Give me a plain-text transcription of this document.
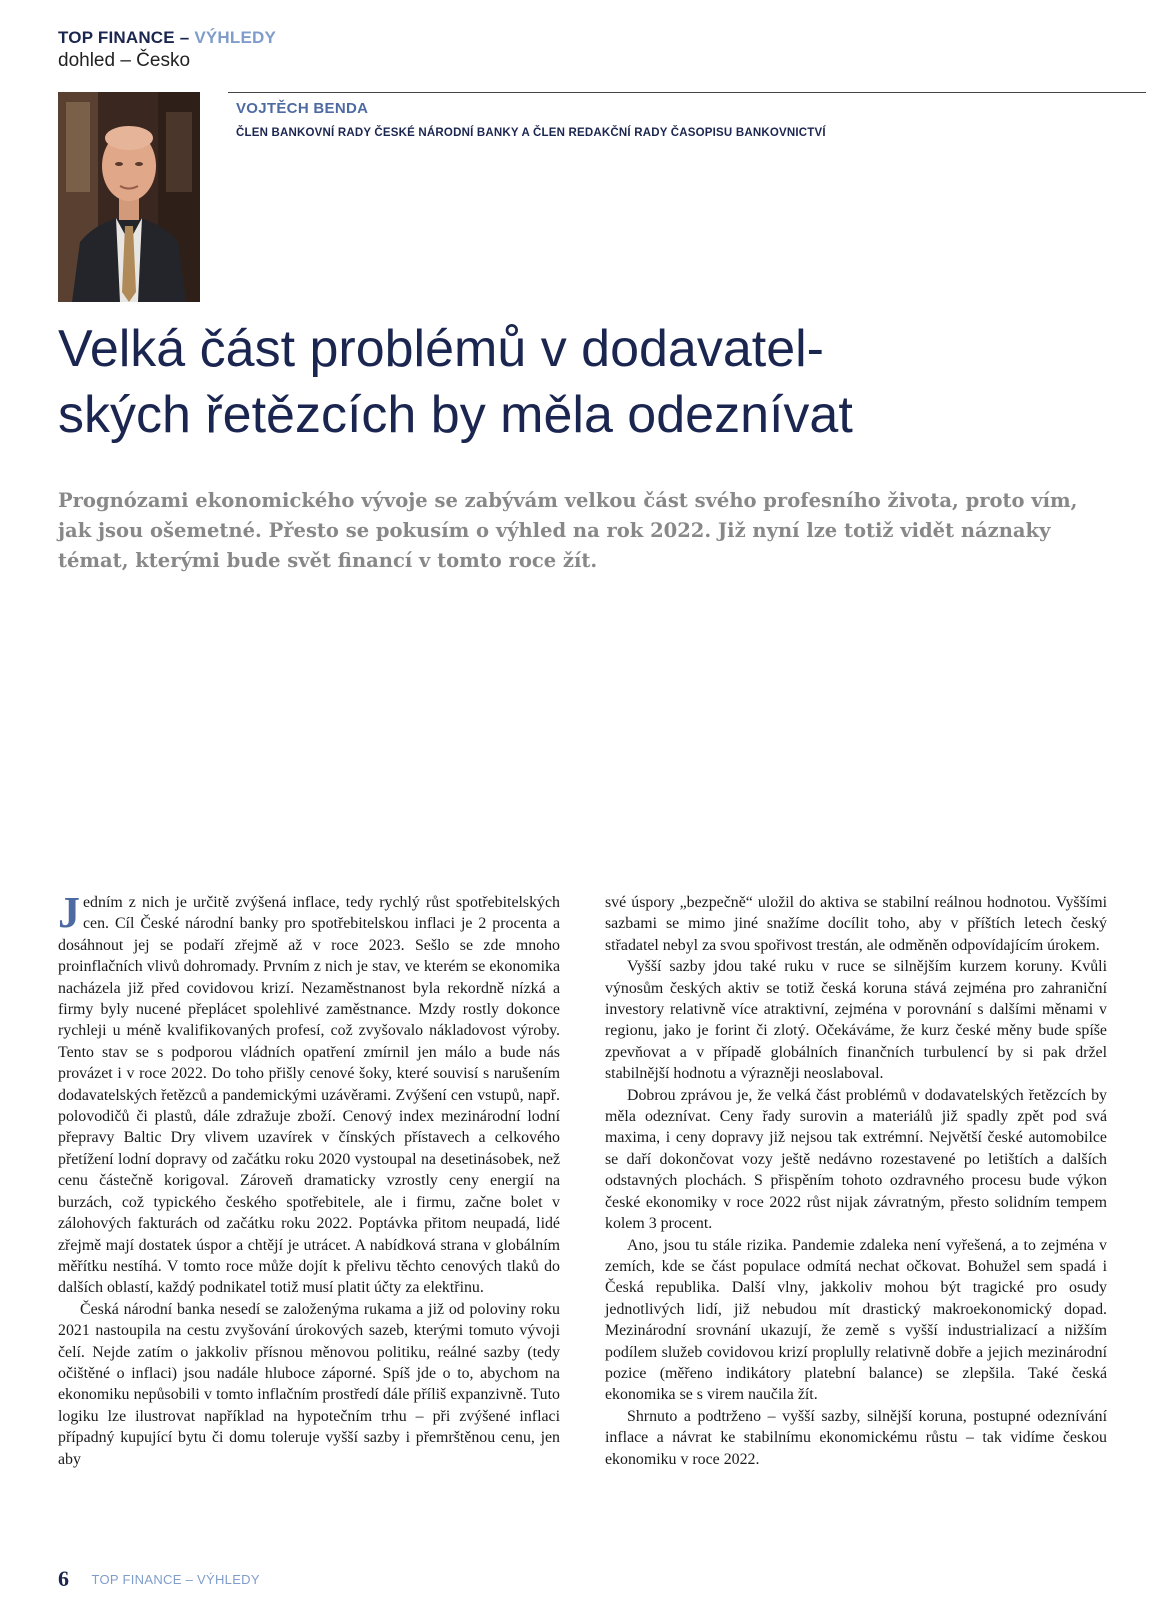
TOP FINANCE – VÝHLEDY
dohled – Česko
VOJTĚCH BENDA
ČLEN BANKOVNÍ RADY ČESKÉ NÁRODNÍ BANKY A ČLEN REDAKČNÍ RADY ČASOPISU BANKOVNICTVÍ
Velká část problémů v dodavatel-
ských řetězcích by měla odeznívat

Prognózami ekonomického vývoje se zabývám velkou část svého profesního života, proto vím,
jak jsou ošemetné. Přesto se pokusím o výhled na rok 2022. Již nyní lze totiž vidět náznaky
témat, kterými bude svět financí v tomto roce žít.

Jedním z nich je určitě zvýšená inflace, tedy rychlý růst spotřebitelských cen. Cíl České národní banky pro spotřebitelskou inflaci je 2 procenta a dosáhnout jej se podaří zřejmě až v roce 2023. Sešlo se zde mnoho proinflačních vlivů dohromady. Prvním z nich je stav, ve kterém se ekonomika nacházela již před covidovou krizí. Nezaměstnanost byla rekordně nízká a firmy byly nucené přeplácet spolehlivé zaměstnance. Mzdy rostly dokonce rychleji u méně kvalifikovaných profesí, což zvyšovalo nákladovost výroby. Tento stav se s podporou vládních opatření zmírnil jen málo a bude nás provázet i v roce 2022. Do toho přišly cenové šoky, které souvisí s narušením dodavatelských řetězců a pandemickými uzávěrami. Zvýšení cen vstupů, např. polovodičů či plastů, dále zdražuje zboží. Cenový index mezinárodní lodní přepravy Baltic Dry vlivem uzavírek v čínských přístavech a celkového přetížení lodní dopravy od začátku roku 2020 vystoupal na desetinásobek, než cenu částečně korigoval. Zároveň dramaticky vzrostly ceny energií na burzách, což typického českého spotřebitele, ale i firmu, začne bolet v zálohových fakturách od začátku roku 2022. Poptávka přitom neupadá, lidé zřejmě mají dostatek úspor a chtějí je utrácet. A nabídková strana v globálním měřítku nestíhá. V tomto roce může dojít k přelivu těchto cenových tlaků do dalších oblastí, každý podnikatel totiž musí platit účty za elektřinu.

Česká národní banka nesedí se založenýma rukama a již od poloviny roku 2021 nastoupila na cestu zvyšování úrokových sazeb, kterými tomuto vývoji čelí. Nejde zatím o jakkoliv přísnou měnovou politiku, reálné sazby (tedy očištěné o inflaci) jsou nadále hluboce záporné. Spíš jde o to, abychom na ekonomiku nepůsobili v tomto inflačním prostředí dále příliš expanzivně. Tuto logiku lze ilustrovat například na hypotečním trhu – při zvýšené inflaci případný kupující bytu či domu toleruje vyšší sazby i přemrštěnou cenu, jen aby

své úspory „bezpečně“ uložil do aktiva se stabilní reálnou hodnotou. Vyššími sazbami se mimo jiné snažíme docílit toho, aby v příštích letech český střadatel nebyl za svou spořivost trestán, ale odměněn odpovídajícím úrokem.

Vyšší sazby jdou také ruku v ruce se silnějším kurzem koruny. Kvůli výnosům českých aktiv se totiž česká koruna stává zejména pro zahraniční investory relativně více atraktivní, zejména v porovnání s dalšími měnami v regionu, jako je forint či zlotý. Očekáváme, že kurz české měny bude spíše zpevňovat a v případě globálních finančních turbulencí by si pak držel stabilnější hodnotu a výrazněji neoslaboval.

Dobrou zprávou je, že velká část problémů v dodavatelských řetězcích by měla odeznívat. Ceny řady surovin a materiálů již spadly zpět pod svá maxima, i ceny dopravy již nejsou tak extrémní. Největší české automobilce se daří dokončovat vozy ještě nedávno rozestavené po letištích a dalších odstavných plochách. S přispěním tohoto ozdravného procesu bude výkon české ekonomiky v roce 2022 růst nijak závratným, přesto solidním tempem kolem 3 procent.

Ano, jsou tu stále rizika. Pandemie zdaleka není vyřešená, a to zejména v zemích, kde se část populace odmítá nechat očkovat. Bohužel sem spadá i Česká republika. Další vlny, jakkoliv mohou být tragické pro osudy jednotlivých lidí, již nebudou mít drastický makroekonomický dopad. Mezinárodní srovnání ukazují, že země s vyšší industrializací a nižším podílem služeb covidovou krizí proplully relativně dobře a jejich mezinárodní pozice (měřeno indikátory platební balance) se zlepšila. Také česká ekonomika se s virem naučila žít.

Shrnuto a podtrženo – vyšší sazby, silnější koruna, postupné odeznívání inflace a návrat ke stabilnímu ekonomickému růstu – tak vidíme českou ekonomiku v roce 2022.

6 TOP FINANCE – VÝHLEDY
